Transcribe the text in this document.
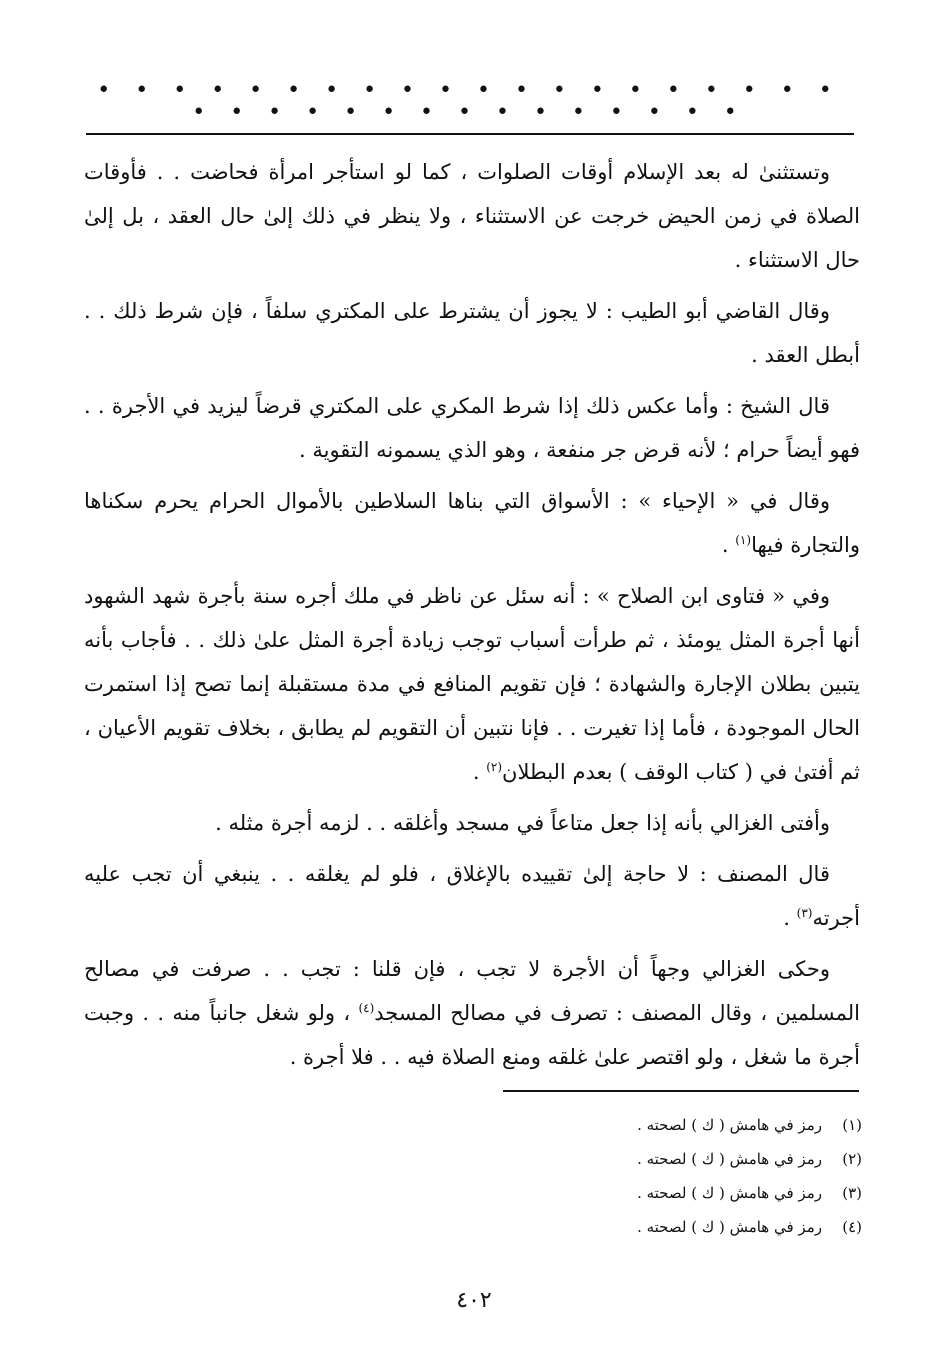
• • • • • • • • • • • • • • • • • • • • • • • • • • • • • • • • • • •

وتستثنىٰ له بعد الإسلام أوقات الصلوات ، كما لو استأجر امرأة فحاضت . . فأوقات الصلاة في زمن الحيض خرجت عن الاستثناء ، ولا ينظر في ذلك إلىٰ حال العقد ، بل إلىٰ حال الاستثناء .

وقال القاضي أبو الطيب : لا يجوز أن يشترط على المكتري سلفاً ، فإن شرط ذلك . . أبطل العقد .

قال الشيخ : وأما عكس ذلك إذا شرط المكري على المكتري قرضاً ليزيد في الأجرة . . فهو أيضاً حرام ؛ لأنه قرض جر منفعة ، وهو الذي يسمونه التقوية .

وقال في « الإحياء » : الأسواق التي بناها السلاطين بالأموال الحرام يحرم سكناها والتجارة فيها$^{(١)}$ .

وفي « فتاوى ابن الصلاح » : أنه سئل عن ناظر في ملك أجره سنة بأجرة شهد الشهود أنها أجرة المثل يومئذ ، ثم طرأت أسباب توجب زيادة أجرة المثل علىٰ ذلك . . فأجاب بأنه يتبين بطلان الإجارة والشهادة ؛ فإن تقويم المنافع في مدة مستقبلة إنما تصح إذا استمرت الحال الموجودة ، فأما إذا تغيرت . . فإنا نتبين أن التقويم لم يطابق ، بخلاف تقويم الأعيان ، ثم أفتىٰ في ( كتاب الوقف ) بعدم البطلان$^{(٢)}$ .

وأفتى الغزالي بأنه إذا جعل متاعاً في مسجد وأغلقه . . لزمه أجرة مثله .

قال المصنف : لا حاجة إلىٰ تقييده بالإغلاق ، فلو لم يغلقه . . ينبغي أن تجب عليه أجرته$^{(٣)}$ .

وحكى الغزالي وجهاً أن الأجرة لا تجب ، فإن قلنا : تجب . . صرفت في مصالح المسلمين ، وقال المصنف : تصرف في مصالح المسجد$^{(٤)}$ ، ولو شغل جانباً منه . . وجبت أجرة ما شغل ، ولو اقتصر علىٰ غلقه ومنع الصلاة فيه . . فلا أجرة .

(١)رمز في هامش ( ك ) لصحته .
(٢)رمز في هامش ( ك ) لصحته .
(٣)رمز في هامش ( ك ) لصحته .
(٤)رمز في هامش ( ك ) لصحته .
٤٠٢
